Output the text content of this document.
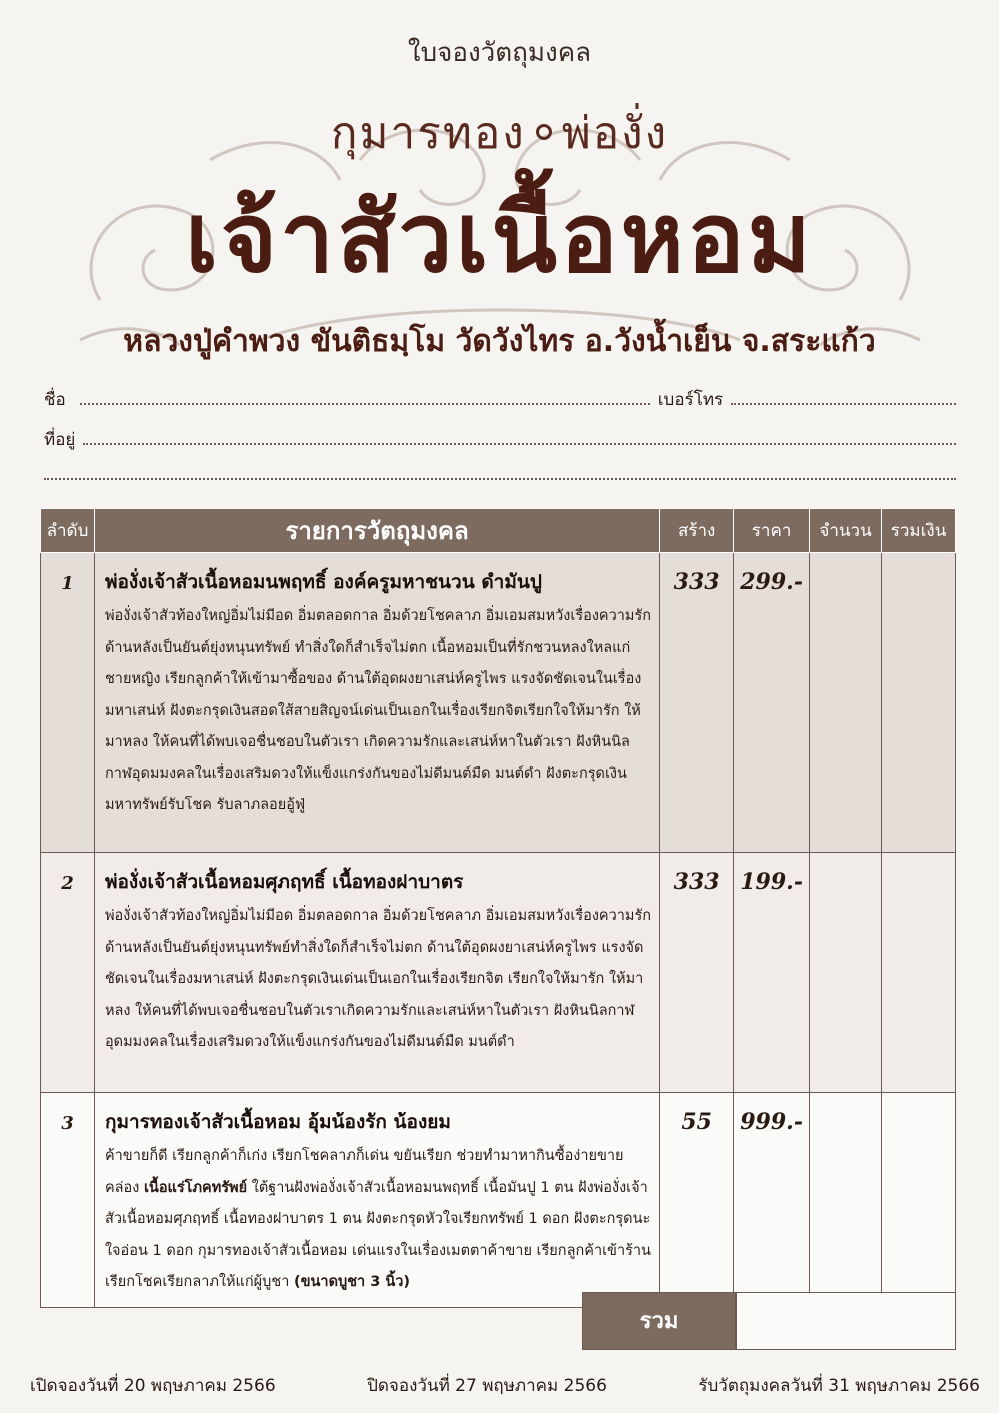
ใบจองวัตถุมงคล
กุมารทอง พ่องั่ง
เจ้าสัวเนื้อหอม
หลวงปู่คำพวง ขันติธมฺโม วัดวังไทร อ.วังน้ำเย็น จ.สระแก้ว
ชื่อ	เบอร์โทร
ที่อยู่
ลำดับ	รายการวัตถุมงคล	สร้าง	ราคา	จำนวน	รวมเงิน
1	พ่องั่งเจ้าสัวเนื้อหอมนพฤทธิ์ องค์ครูมหาชนวน ดำมันปู
พ่องั่งเจ้าสัวท้องใหญ่อิ่มไม่มีอด อิ่มตลอดกาล อิ่มด้วยโชคลาภ อิ่มเอมสมหวังเรื่องความรัก ด้านหลังเป็นยันต์ยุ่งหนุนทรัพย์ ทำสิ่งใดก็สำเร็จไม่ตก เนื้อหอมเป็นที่รักชวนหลงใหลแก่ชายหญิง เรียกลูกค้าให้เข้ามาซื้อของ ด้านใต้อุดผงยาเสน่ห์ครูไพร แรงจัดชัดเจนในเรื่องมหาเสน่ห์ ฝังตะกรุดเงินสอดใส้สายสิญจน์เด่นเป็นเอกในเรื่องเรียกจิตเรียกใจให้มารัก ให้มาหลง ให้คนที่ได้พบเจอชื่นชอบในตัวเรา เกิดความรักและเสน่ห์หาในตัวเรา ฝังหินนิลกาฬอุดมมงคลในเรื่องเสริมดวงให้แข็งแกร่งกันของไม่ดีมนต์มืด มนต์ดำ ฝังตะกรุดเงินมหาทรัพย์รับโชค รับลาภลอยอู้ฟู่	333	299.-		
2	พ่องั่งเจ้าสัวเนื้อหอมศุภฤทธิ์ เนื้อทองฝาบาตร
พ่องั่งเจ้าสัวท้องใหญ่อิ่มไม่มีอด อิ่มตลอดกาล อิ่มด้วยโชคลาภ อิ่มเอมสมหวังเรื่องความรัก ด้านหลังเป็นยันต์ยุ่งหนุนทรัพย์ทำสิ่งใดก็สำเร็จไม่ตก ด้านใต้อุดผงยาเสน่ห์ครูไพร แรงจัดชัดเจนในเรื่องมหาเสน่ห์ ฝังตะกรุดเงินเด่นเป็นเอกในเรื่องเรียกจิต เรียกใจให้มารัก ให้มาหลง ให้คนที่ได้พบเจอชื่นชอบในตัวเราเกิดความรักและเสน่ห์หาในตัวเรา ฝังหินนิลกาฬอุดมมงคลในเรื่องเสริมดวงให้แข็งแกร่งกันของไม่ดีมนต์มืด มนต์ดำ	333	199.-		
3	กุมารทองเจ้าสัวเนื้อหอม อุ้มน้องรัก น้องยม
ค้าขายก็ดี เรียกลูกค้าก็เก่ง เรียกโชคลาภก็เด่น ขยันเรียก ช่วยทำมาหากินซื้อง่ายขายคล่อง เนื้อแร่โภคทรัพย์ ใต้ฐานฝังพ่องั่งเจ้าสัวเนื้อหอมนพฤทธิ์ เนื้อมันปู 1 ตน ฝังพ่องั่งเจ้าสัวเนื้อหอมศุภฤทธิ์ เนื้อทองฝาบาตร 1 ตน ฝังตะกรุดหัวใจเรียกทรัพย์ 1 ดอก ฝังตะกรุดนะใจอ่อน 1 ดอก กุมารทองเจ้าสัวเนื้อหอม เด่นแรงในเรื่องเมตตาค้าขาย เรียกลูกค้าเข้าร้าน เรียกโชคเรียกลาภให้แก่ผู้บูชา (ขนาดบูชา 3 นิ้ว)	55	999.-		
รวม
เปิดจองวันที่ 20 พฤษภาคม 2566	ปิดจองวันที่ 27 พฤษภาคม 2566	รับวัตถุมงคลวันที่ 31 พฤษภาคม 2566
